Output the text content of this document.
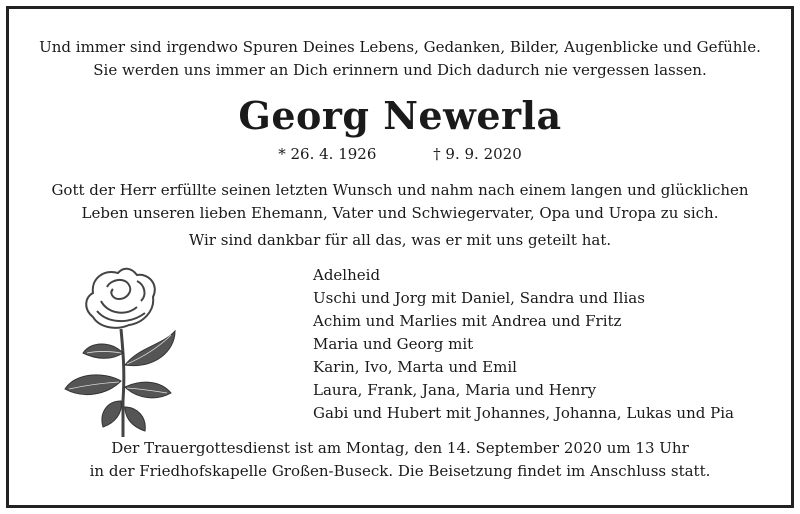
Und immer sind irgendwo Spuren Deines Lebens, Gedanken, Bilder, Augenblicke und Gefühle.
Sie werden uns immer an Dich erinnern und Dich dadurch nie vergessen lassen.
Georg Newerla
* 26. 4. 1926	† 9. 9. 2020
Gott der Herr erfüllte seinen letzten Wunsch und nahm nach einem langen und glücklichen
Leben unseren lieben Ehemann, Vater und Schwiegervater, Opa und Uropa zu sich.
Wir sind dankbar für all das, was er mit uns geteilt hat.
Adelheid
Uschi und Jorg mit Daniel, Sandra und Ilias
Achim und Marlies mit Andrea und Fritz
Maria und Georg mit
Karin, Ivo, Marta und Emil
Laura, Frank, Jana, Maria und Henry
Gabi und Hubert mit Johannes, Johanna, Lukas und Pia
Der Trauergottesdienst ist am Montag, den 14. September 2020 um 13 Uhr
in der Friedhofskapelle Großen-Buseck. Die Beisetzung findet im Anschluss statt.
